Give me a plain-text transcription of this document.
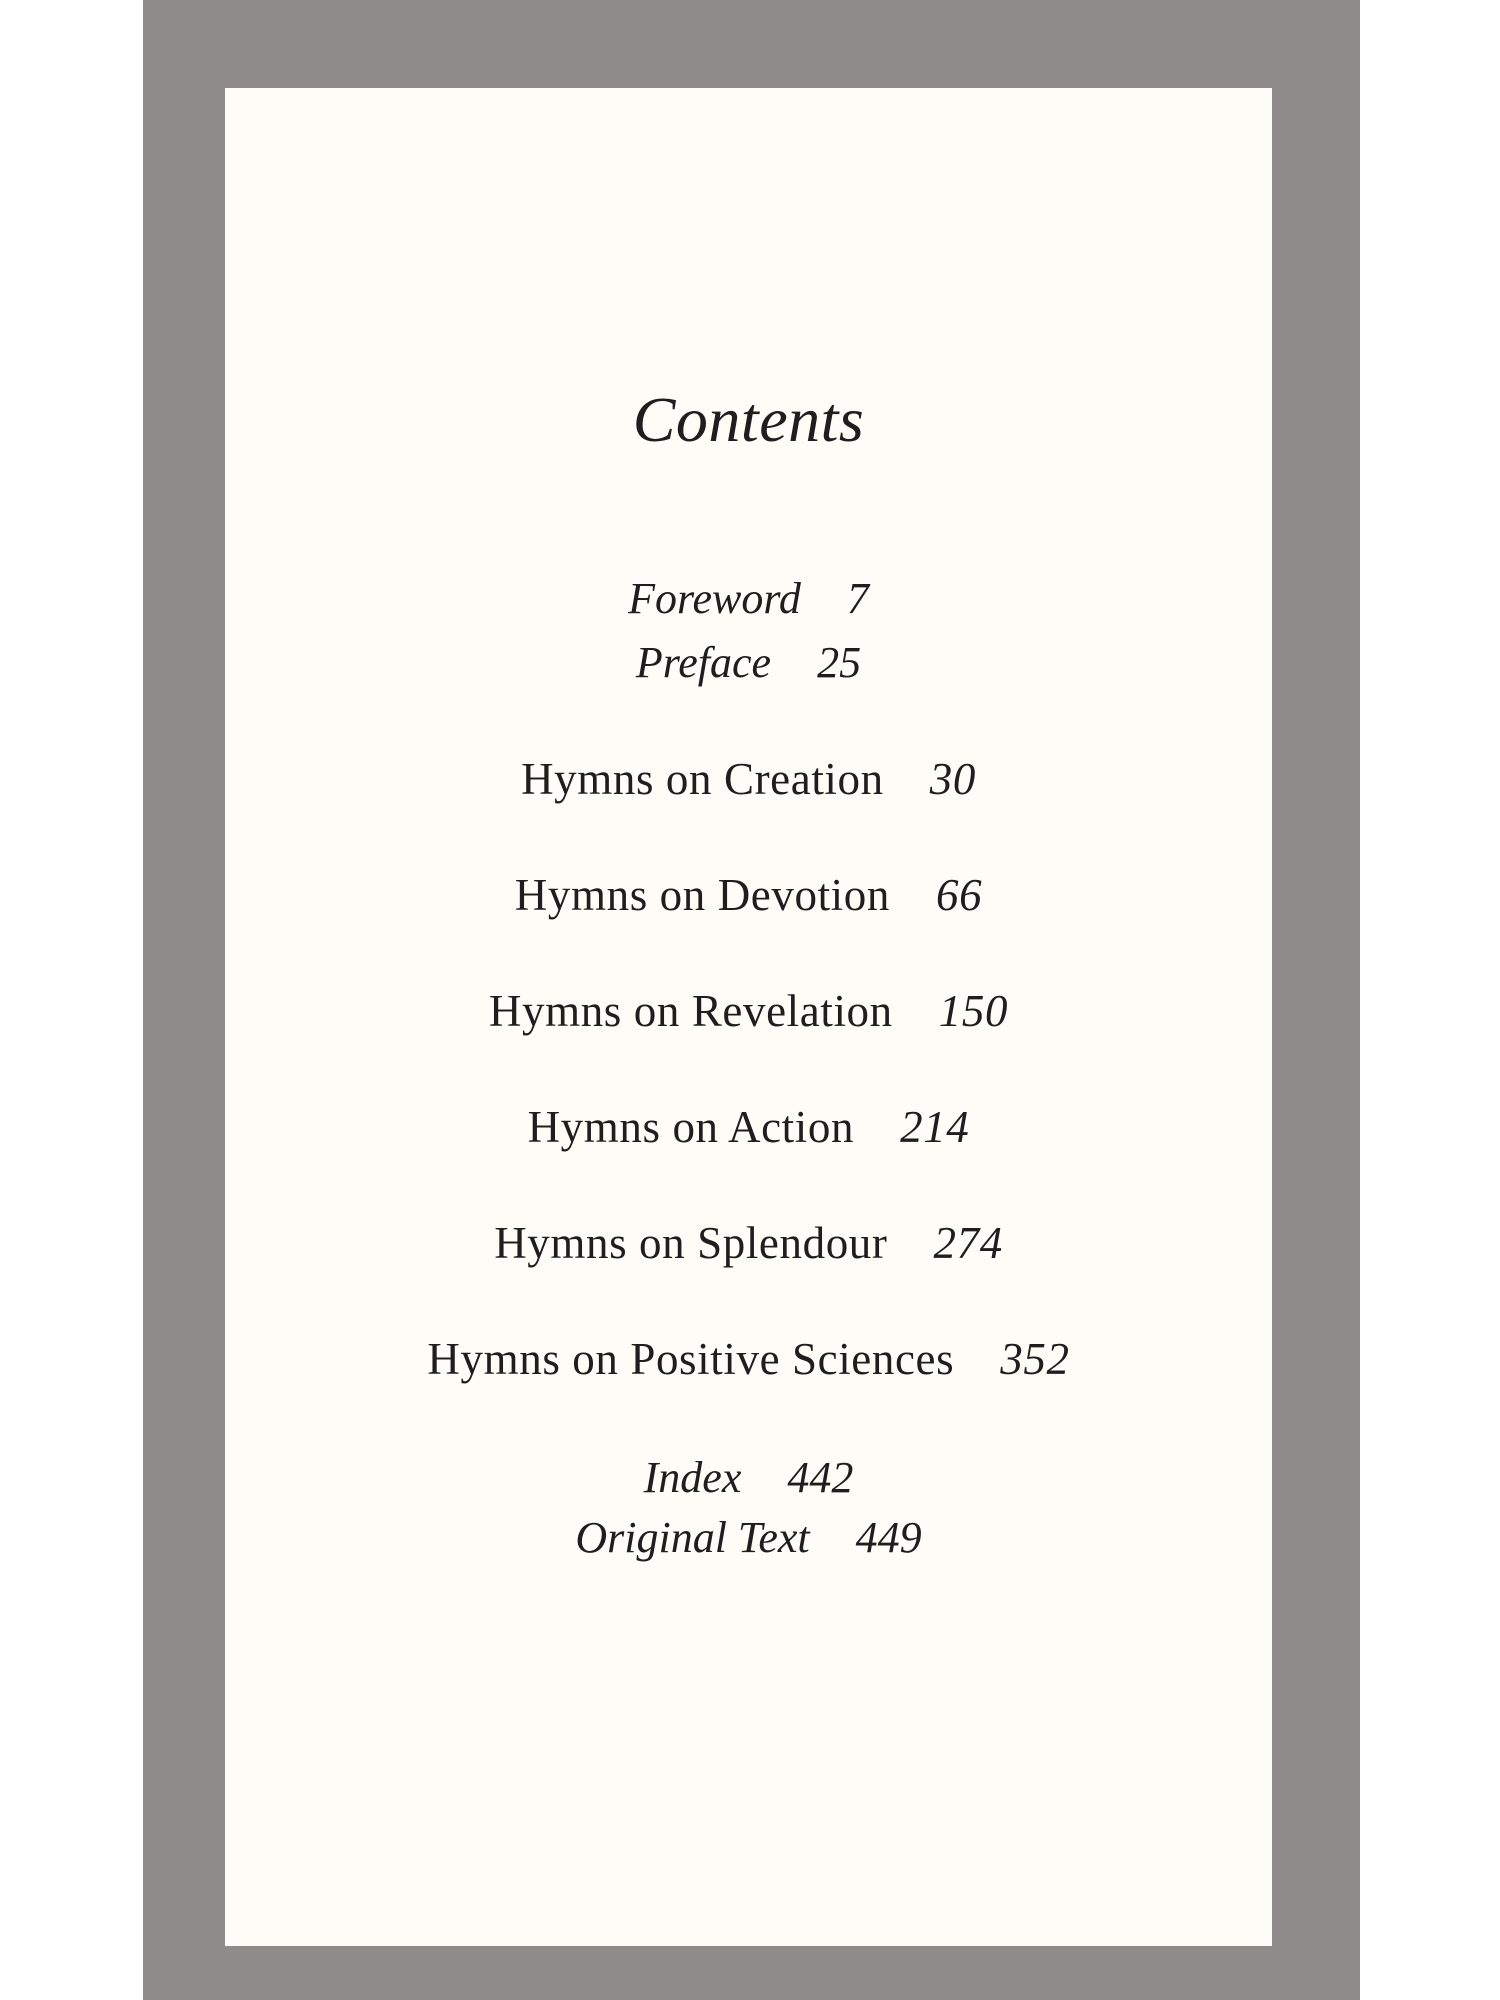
Contents
Foreword 7
Preface 25
Hymns on Creation 30
Hymns on Devotion 66
Hymns on Revelation 150
Hymns on Action 214
Hymns on Splendour 274
Hymns on Positive Sciences 352
Index 442
Original Text 449
